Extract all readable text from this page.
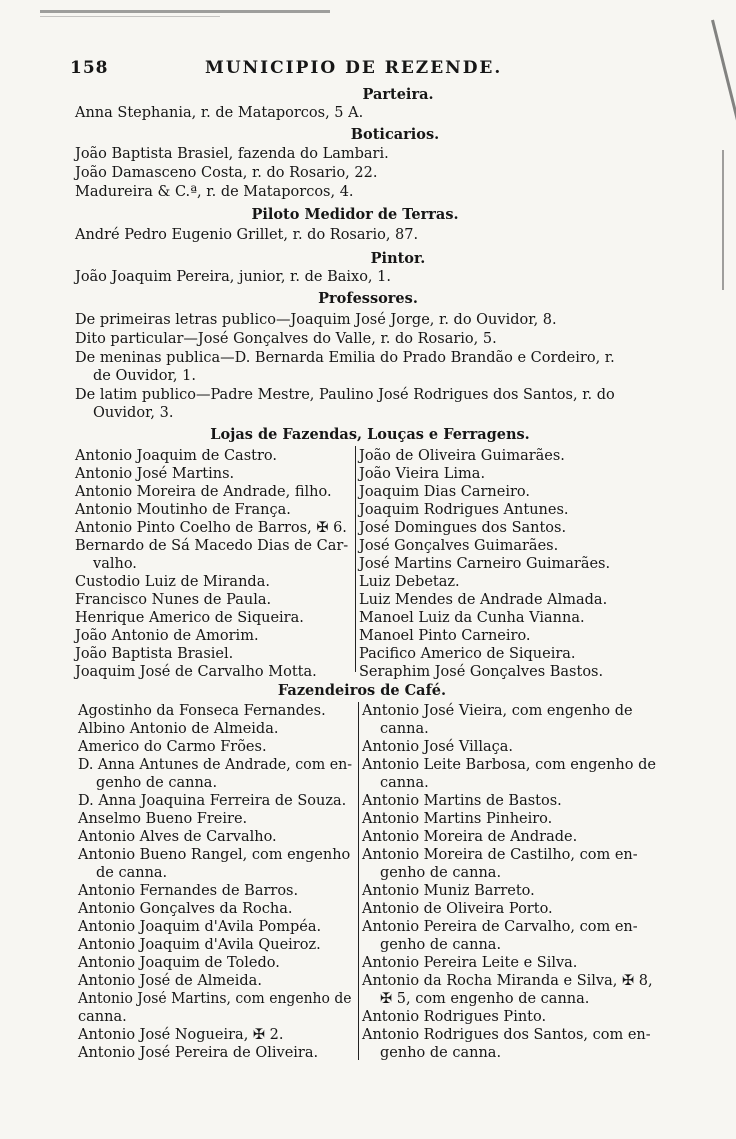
158	MUNICIPIO DE REZENDE.
Parteira.
Anna Stephania, r. de Mataporcos, 5 A.
Boticarios.
João Baptista Brasiel, fazenda do Lambari.
João Damasceno Costa, r. do Rosario, 22.
Madureira & C.ª, r. de Mataporcos, 4.
Piloto Medidor de Terras.
André Pedro Eugenio Grillet, r. do Rosario, 87.
Pintor.
João Joaquim Pereira, junior, r. de Baixo, 1.
Professores.
De primeiras letras publico—Joaquim José Jorge, r. do Ouvidor, 8.
Dito particular—José Gonçalves do Valle, r. do Rosario, 5.
De meninas publica—D. Bernarda Emilia do Prado Brandão e Cordeiro, r.
de Ouvidor, 1.
De latim publico—Padre Mestre, Paulino José Rodrigues dos Santos, r. do
Ouvidor, 3.
Lojas de Fazendas, Louças e Ferragens.
Antonio Joaquim de Castro.
Antonio José Martins.
Antonio Moreira de Andrade, filho.
Antonio Moutinho de França.
Antonio Pinto Coelho de Barros, ✠ 6.
Bernardo de Sá Macedo Dias de Car-
valho.
Custodio Luiz de Miranda.
Francisco Nunes de Paula.
Henrique Americo de Siqueira.
João Antonio de Amorim.
João Baptista Brasiel.
Joaquim José de Carvalho Motta.
João de Oliveira Guimarães.
João Vieira Lima.
Joaquim Dias Carneiro.
Joaquim Rodrigues Antunes.
José Domingues dos Santos.
José Gonçalves Guimarães.
José Martins Carneiro Guimarães.
Luiz Debetaz.
Luiz Mendes de Andrade Almada.
Manoel Luiz da Cunha Vianna.
Manoel Pinto Carneiro.
Pacifico Americo de Siqueira.
Seraphim José Gonçalves Bastos.
Fazendeiros de Café.
Agostinho da Fonseca Fernandes.
Albino Antonio de Almeida.
Americo do Carmo Frões.
D. Anna Antunes de Andrade, com en-
genho de canna.
D. Anna Joaquina Ferreira de Souza.
Anselmo Bueno Freire.
Antonio Alves de Carvalho.
Antonio Bueno Rangel, com engenho
de canna.
Antonio Fernandes de Barros.
Antonio Gonçalves da Rocha.
Antonio Joaquim d'Avila Pompéa.
Antonio Joaquim d'Avila Queiroz.
Antonio Joaquim de Toledo.
Antonio José de Almeida.
Antonio José Martins, com engenho de
canna.
Antonio José Nogueira, ✠ 2.
Antonio José Pereira de Oliveira.
Antonio José Vieira, com engenho de
canna.
Antonio José Villaça.
Antonio Leite Barbosa, com engenho de
canna.
Antonio Martins de Bastos.
Antonio Martins Pinheiro.
Antonio Moreira de Andrade.
Antonio Moreira de Castilho, com en-
genho de canna.
Antonio Muniz Barreto.
Antonio de Oliveira Porto.
Antonio Pereira de Carvalho, com en-
genho de canna.
Antonio Pereira Leite e Silva.
Antonio da Rocha Miranda e Silva, ✠ 8,
✠ 5, com engenho de canna.
Antonio Rodrigues Pinto.
Antonio Rodrigues dos Santos, com en-
genho de canna.
